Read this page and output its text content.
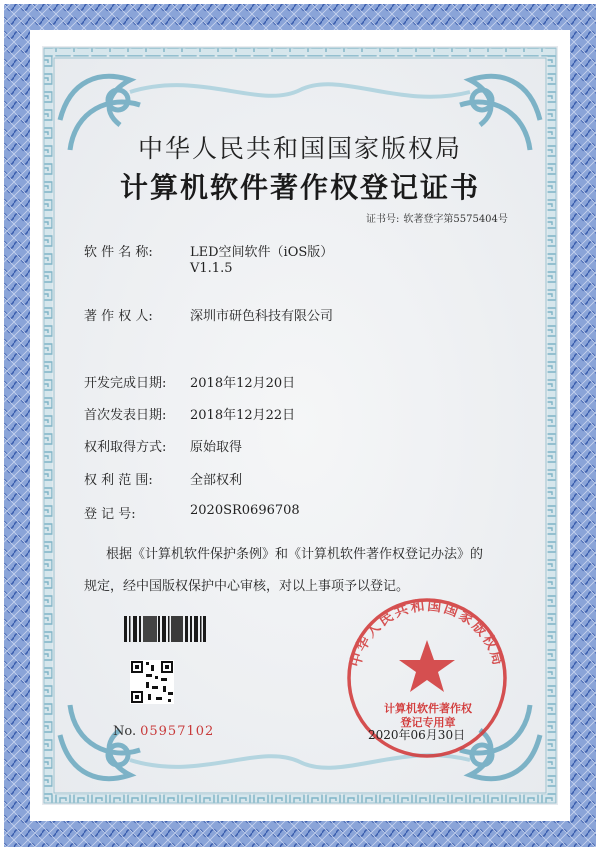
中华人民共和国国家版权局
中华人民共和国国家版权局
计算机软件著作权登记证书
证书号: 软著登字第5575404号
软 件 名 称:	LED空间软件（iOS版）
V1.1.5
著 作 权 人:	深圳市研色科技有限公司
开发完成日期: 2018年12月20日
首次发表日期: 2018年12月22日
权利取得方式: 原始取得
权 利 范 围:	全部权利
登 记 号:	2020SR0696708
根据《计算机软件保护条例》和《计算机软件著作权登记办法》的
规定，经中国版权保护中心审核，对以上事项予以登记。
计算机软件著作权
登记专用章
No. 05957102	2020年06月30日
